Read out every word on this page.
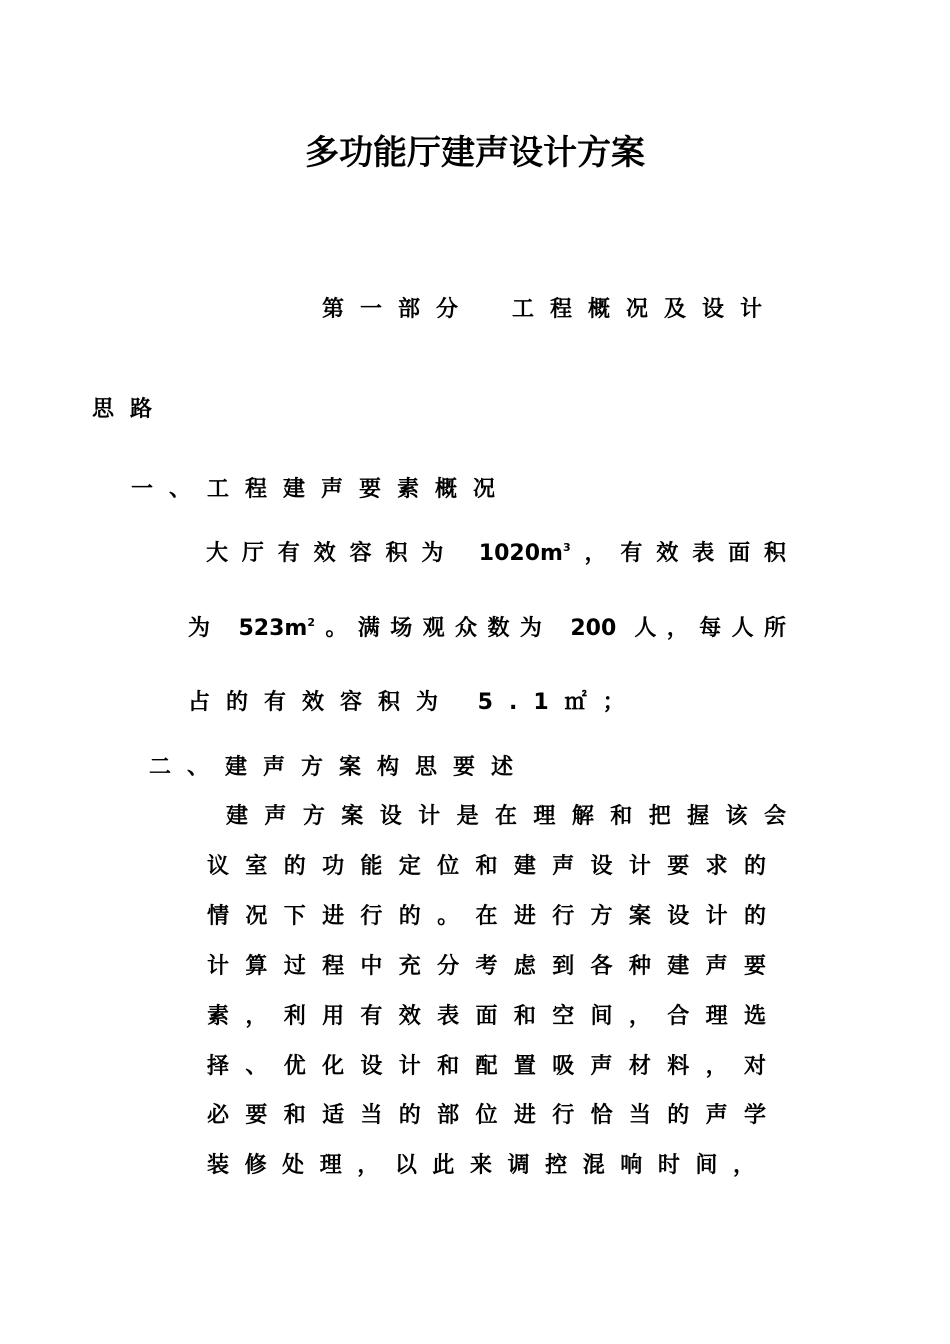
多功能厅建声设计方案
第一部分　工程概况及设计
思路
一、工程建声要素概况
大厅有效容积为 $1020m^3$，有效表面积
为 $523m^2$。满场观众数为 200 人，每人所
占的有效容积为 5.1㎡；
二、建声方案构思要述
建声方案设计是在理解和把握该会
议室的功能定位和建声设计要求的
情况下进行的。在进行方案设计的
计算过程中充分考虑到各种建声要
素，利用有效表面和空间，合理选
择、优化设计和配置吸声材料，对
必要和适当的部位进行恰当的声学
装修处理，以此来调控混响时间，
